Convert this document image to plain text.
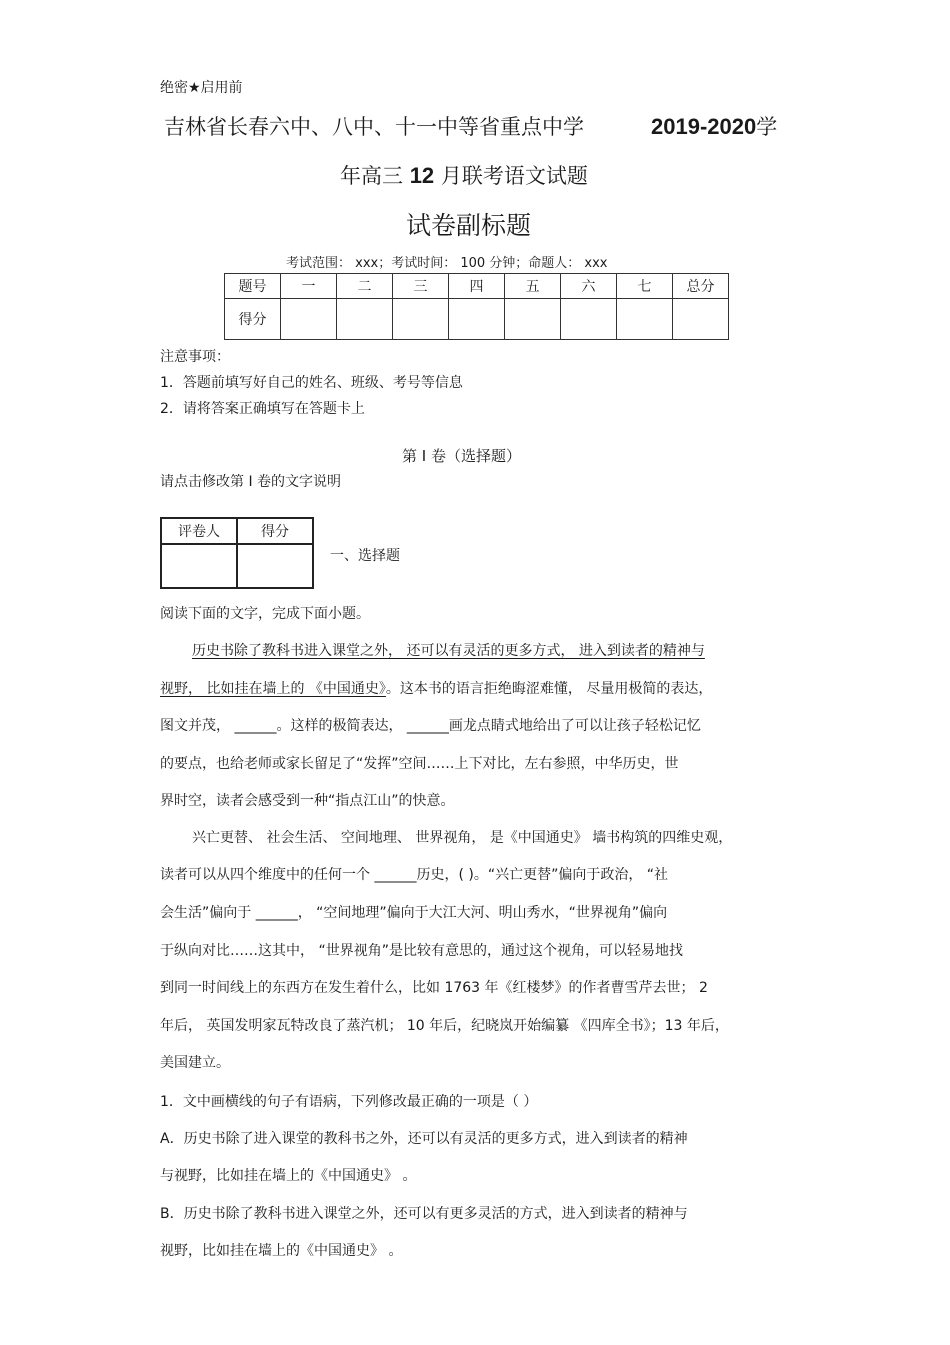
绝密★启用前
吉林省长春六中、八中、十一中等省重点中学	2019-2020学
年高三 12 月联考语文试题
试卷副标题
考试范围： xxx；考试时间： 100 分钟；命题人： xxx
题号	一	二	三	四	五	六	七	总分
得分								
注意事项：
1．答题前填写好自己的姓名、班级、考号等信息
2．请将答案正确填写在答题卡上
第 I 卷（选择题）
请点击修改第 I 卷的文字说明
评卷人	得分

一、选择题
阅读下面的文字，完成下面小题。
历史书除了教科书进入课堂之外， 还可以有灵活的更多方式， 进入到读者的精神与
视野， 比如挂在墙上的 《中国通史》。这本书的语言拒绝晦涩难懂， 尽量用极简的表达，
图文并茂， ______。这样的极简表达， ______画龙点睛式地给出了可以让孩子轻松记忆
的要点，也给老师或家长留足了“发挥”空间……上下对比，左右参照，中华历史，世
界时空，读者会感受到一种“指点江山”的快意。
兴亡更替、 社会生活、 空间地理、 世界视角， 是《中国通史》 墙书构筑的四维史观，
读者可以从四个维度中的任何一个 ______历史，( )。“兴亡更替”偏向于政治， “社
会生活”偏向于 ______， “空间地理”偏向于大江大河、明山秀水，“世界视角”偏向
于纵向对比……这其中， “世界视角”是比较有意思的，通过这个视角，可以轻易地找
到同一时间线上的东西方在发生着什么，比如 1763 年《红楼梦》的作者曹雪芹去世； 2
年后， 英国发明家瓦特改良了蒸汽机； 10 年后，纪晓岚开始编纂 《四库全书》；13 年后，
美国建立。
1．文中画横线的句子有语病，下列修改最正确的一项是（ ）
A．历史书除了进入课堂的教科书之外，还可以有灵活的更多方式，进入到读者的精神
与视野，比如挂在墙上的《中国通史》 。
B．历史书除了教科书进入课堂之外，还可以有更多灵活的方式，进入到读者的精神与
视野，比如挂在墙上的《中国通史》 。
